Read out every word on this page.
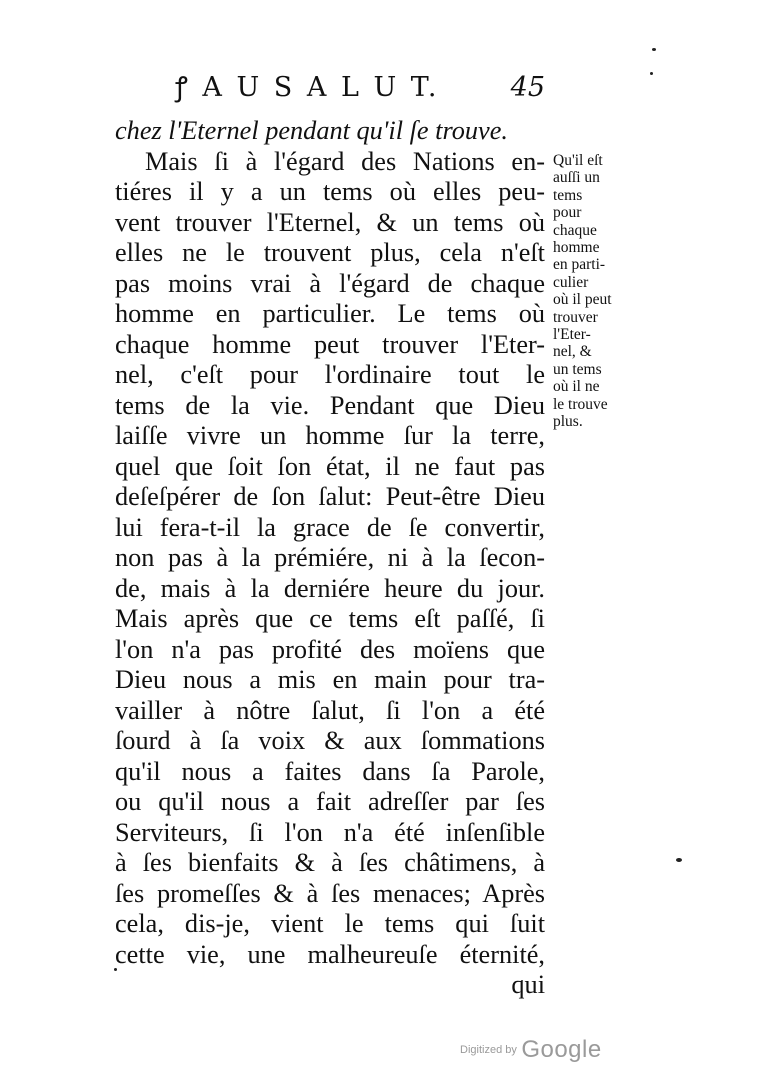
ꝭ A U S A L U T.	45
chez l'Eternel pendant qu'il ſe trouve.
Mais ſi à l'égard des Nations en-
tiéres il y a un tems où elles peu-
vent trouver l'Eternel, & un tems où
elles ne le trouvent plus, cela n'eſt
pas moins vrai à l'égard de chaque
homme en particulier. Le tems où
chaque homme peut trouver l'Eter-
nel, c'eſt pour l'ordinaire tout le
tems de la vie. Pendant que Dieu
laiſſe vivre un homme ſur la terre,
quel que ſoit ſon état, il ne faut pas
deſeſpérer de ſon ſalut: Peut-être Dieu
lui fera-t-il la grace de ſe convertir,
non pas à la prémiére, ni à la ſecon-
de, mais à la derniére heure du jour.
Mais après que ce tems eſt paſſé, ſi
l'on n'a pas profité des moïens que
Dieu nous a mis en main pour tra-
vailler à nôtre ſalut, ſi l'on a été
ſourd à ſa voix & aux ſommations
qu'il nous a faites dans ſa Parole,
ou qu'il nous a fait adreſſer par ſes
Serviteurs, ſi l'on n'a été inſenſible
à ſes bienfaits & à ſes châtimens, à
ſes promeſſes & à ſes menaces; Après
cela, dis-je, vient le tems qui ſuit
cette vie, une malheureuſe éternité,
qui
Qu'il eſt
auſſi un
tems
pour
chaque
homme
en parti-
culier
où il peut
trouver
l'Eter-
nel, &
un tems
où il ne
le trouve
plus.
Digitized by Google
